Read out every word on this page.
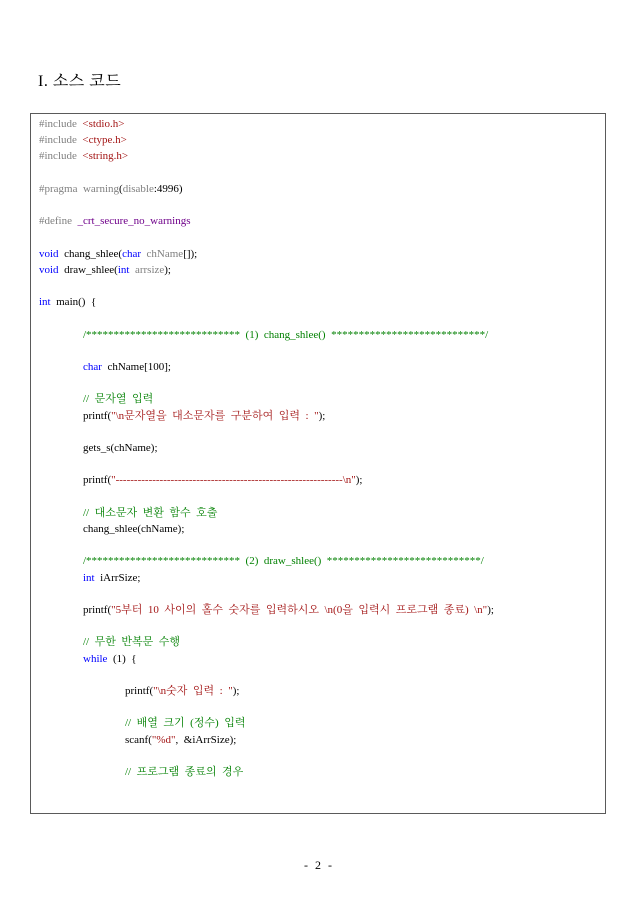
I. 소스 코드
#include  <stdio.h>
#include  <ctype.h>
#include  <string.h>
#pragma  warning(disable:4996)
#define  _crt_secure_no_warnings
void  chang_shlee(char chName[]);
void  draw_shlee(int arrsize);
int  main()  {
/****************************  (1)  chang_shlee()  ****************************/
char  chName[100];
//  문자열  입력
printf("\n문자열을  대소문자를  구분하여  입력  :  ");
gets_s(chName);
printf("--------------------------------------------------------------\n");
//  대소문자  변환  함수  호출
chang_shlee(chName);
/****************************  (2)  draw_shlee()  ****************************/
int  iArrSize;
printf("5부터  10  사이의  홀수  숫자를  입력하시오  \n(0을  입력시  프로그램  종료)  \n");
//  무한  반복문  수행
while  (1)  {
printf("\n숫자  입력  :  ");
//  배열  크기  (정수)  입력
scanf("%d",  &iArrSize);
//  프로그램  종료의  경우
- 2 -
